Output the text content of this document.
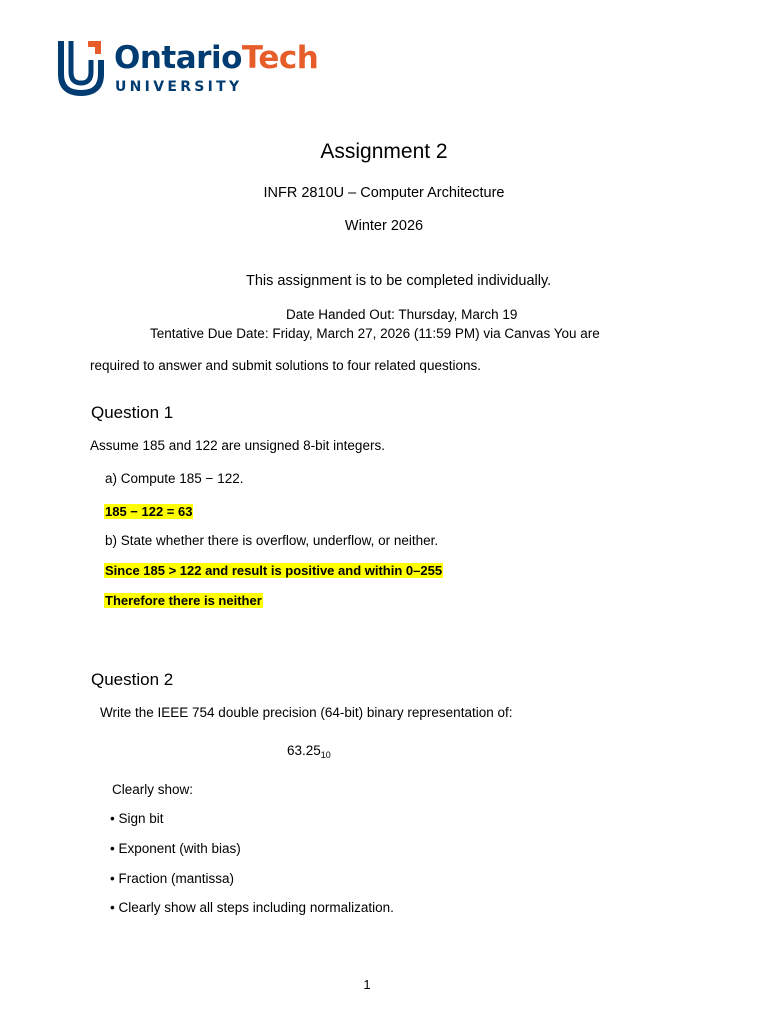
OntarioTech
UNIVERSITY
Assignment 2
INFR 2810U – Computer Architecture
Winter 2026
This assignment is to be completed individually.
Date Handed Out: Thursday, March 19
Tentative Due Date: Friday, March 27, 2026 (11:59 PM) via Canvas You are
required to answer and submit solutions to four related questions.
Question 1
Assume 185 and 122 are unsigned 8-bit integers.
a) Compute 185 − 122.
185 − 122 = 63
b) State whether there is overflow, underflow, or neither.
Since 185 > 122 and result is positive and within 0–255
Therefore there is neither
Question 2
Write the IEEE 754 double precision (64-bit) binary representation of:
$63.25_{10}$
Clearly show:
• Sign bit
• Exponent (with bias)
• Fraction (mantissa)
• Clearly show all steps including normalization.
1
